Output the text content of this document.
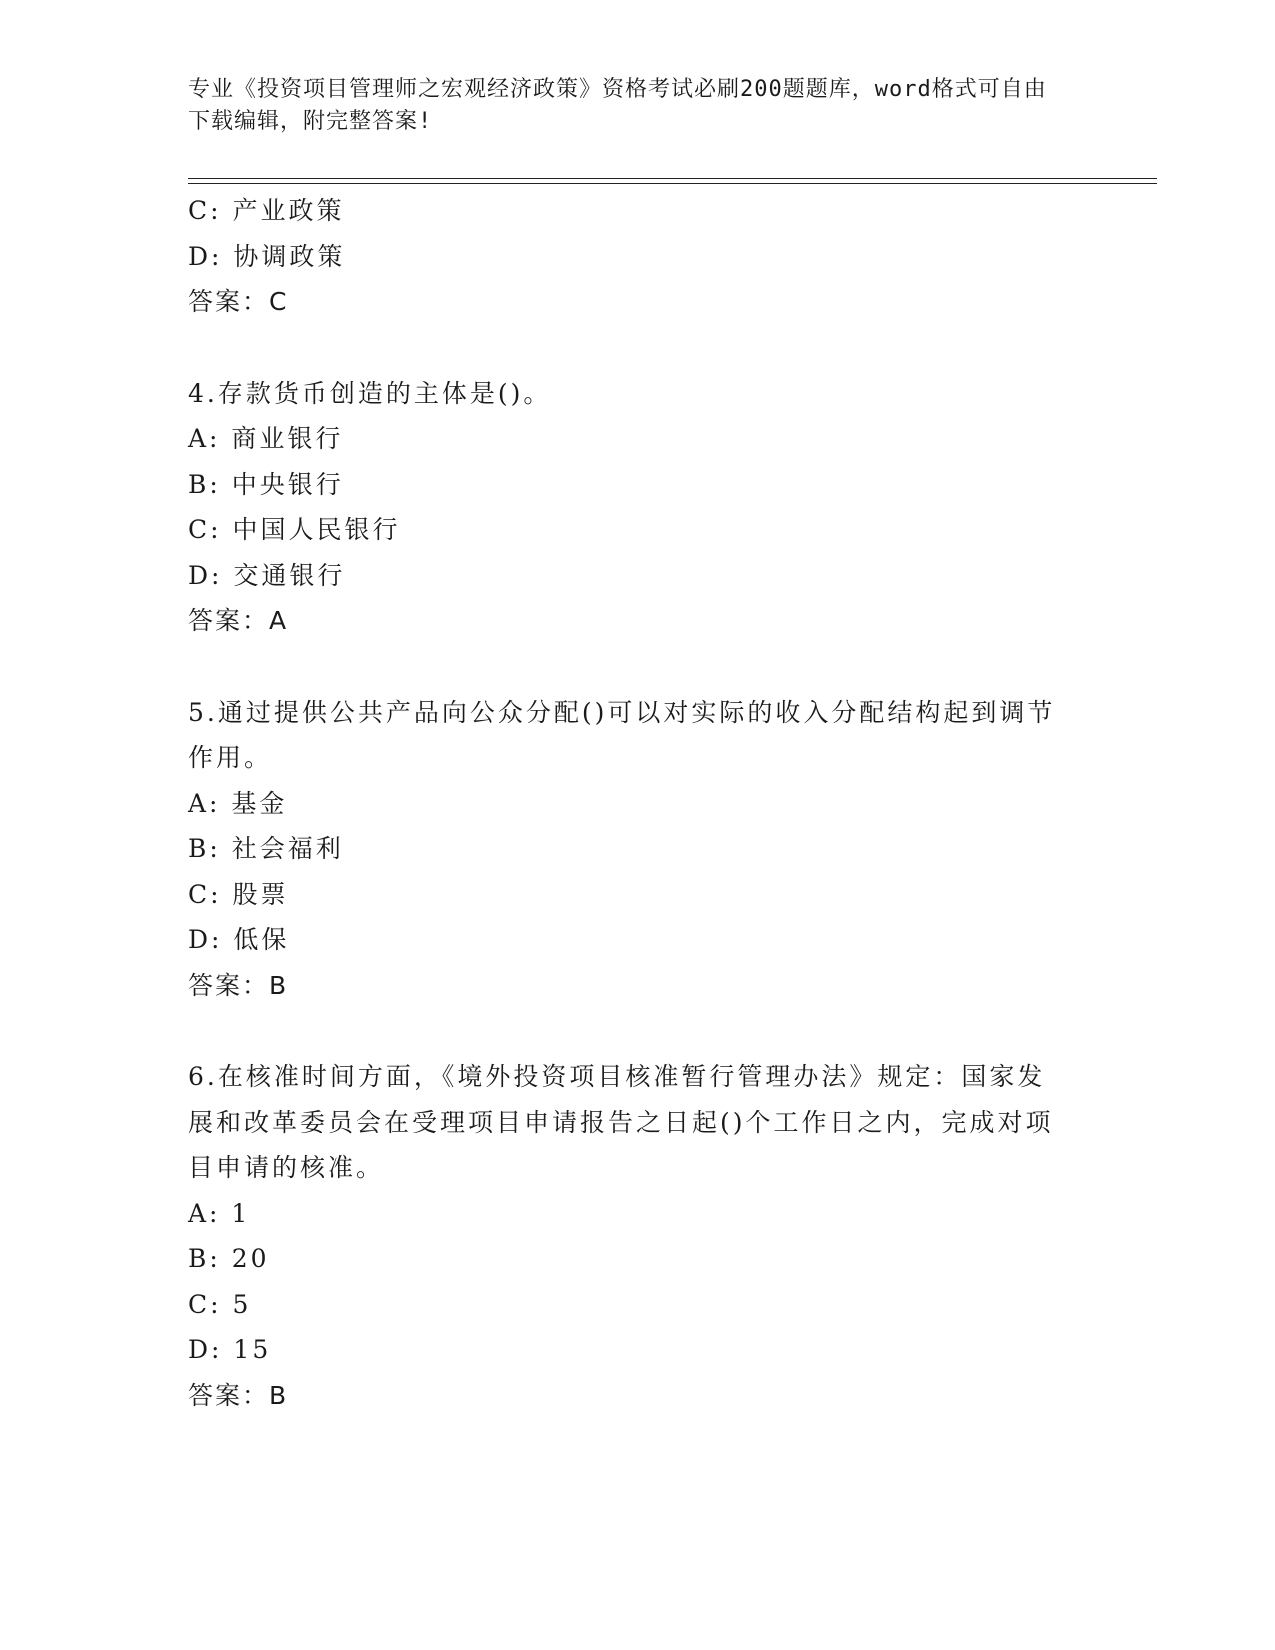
专业《投资项目管理师之宏观经济政策》资格考试必刷200题题库，word格式可自由下载编辑，附完整答案!
C: 产业政策
D: 协调政策
答案：C
4.存款货币创造的主体是()。
A: 商业银行
B: 中央银行
C: 中国人民银行
D: 交通银行
答案：A
5.通过提供公共产品向公众分配()可以对实际的收入分配结构起到调节作用。
A: 基金
B: 社会福利
C: 股票
D: 低保
答案：B
6.在核准时间方面，《境外投资项目核准暂行管理办法》规定：国家发展和改革委员会在受理项目申请报告之日起()个工作日之内，完成对项目申请的核准。
A: 1
B: 20
C: 5
D: 15
答案：B
